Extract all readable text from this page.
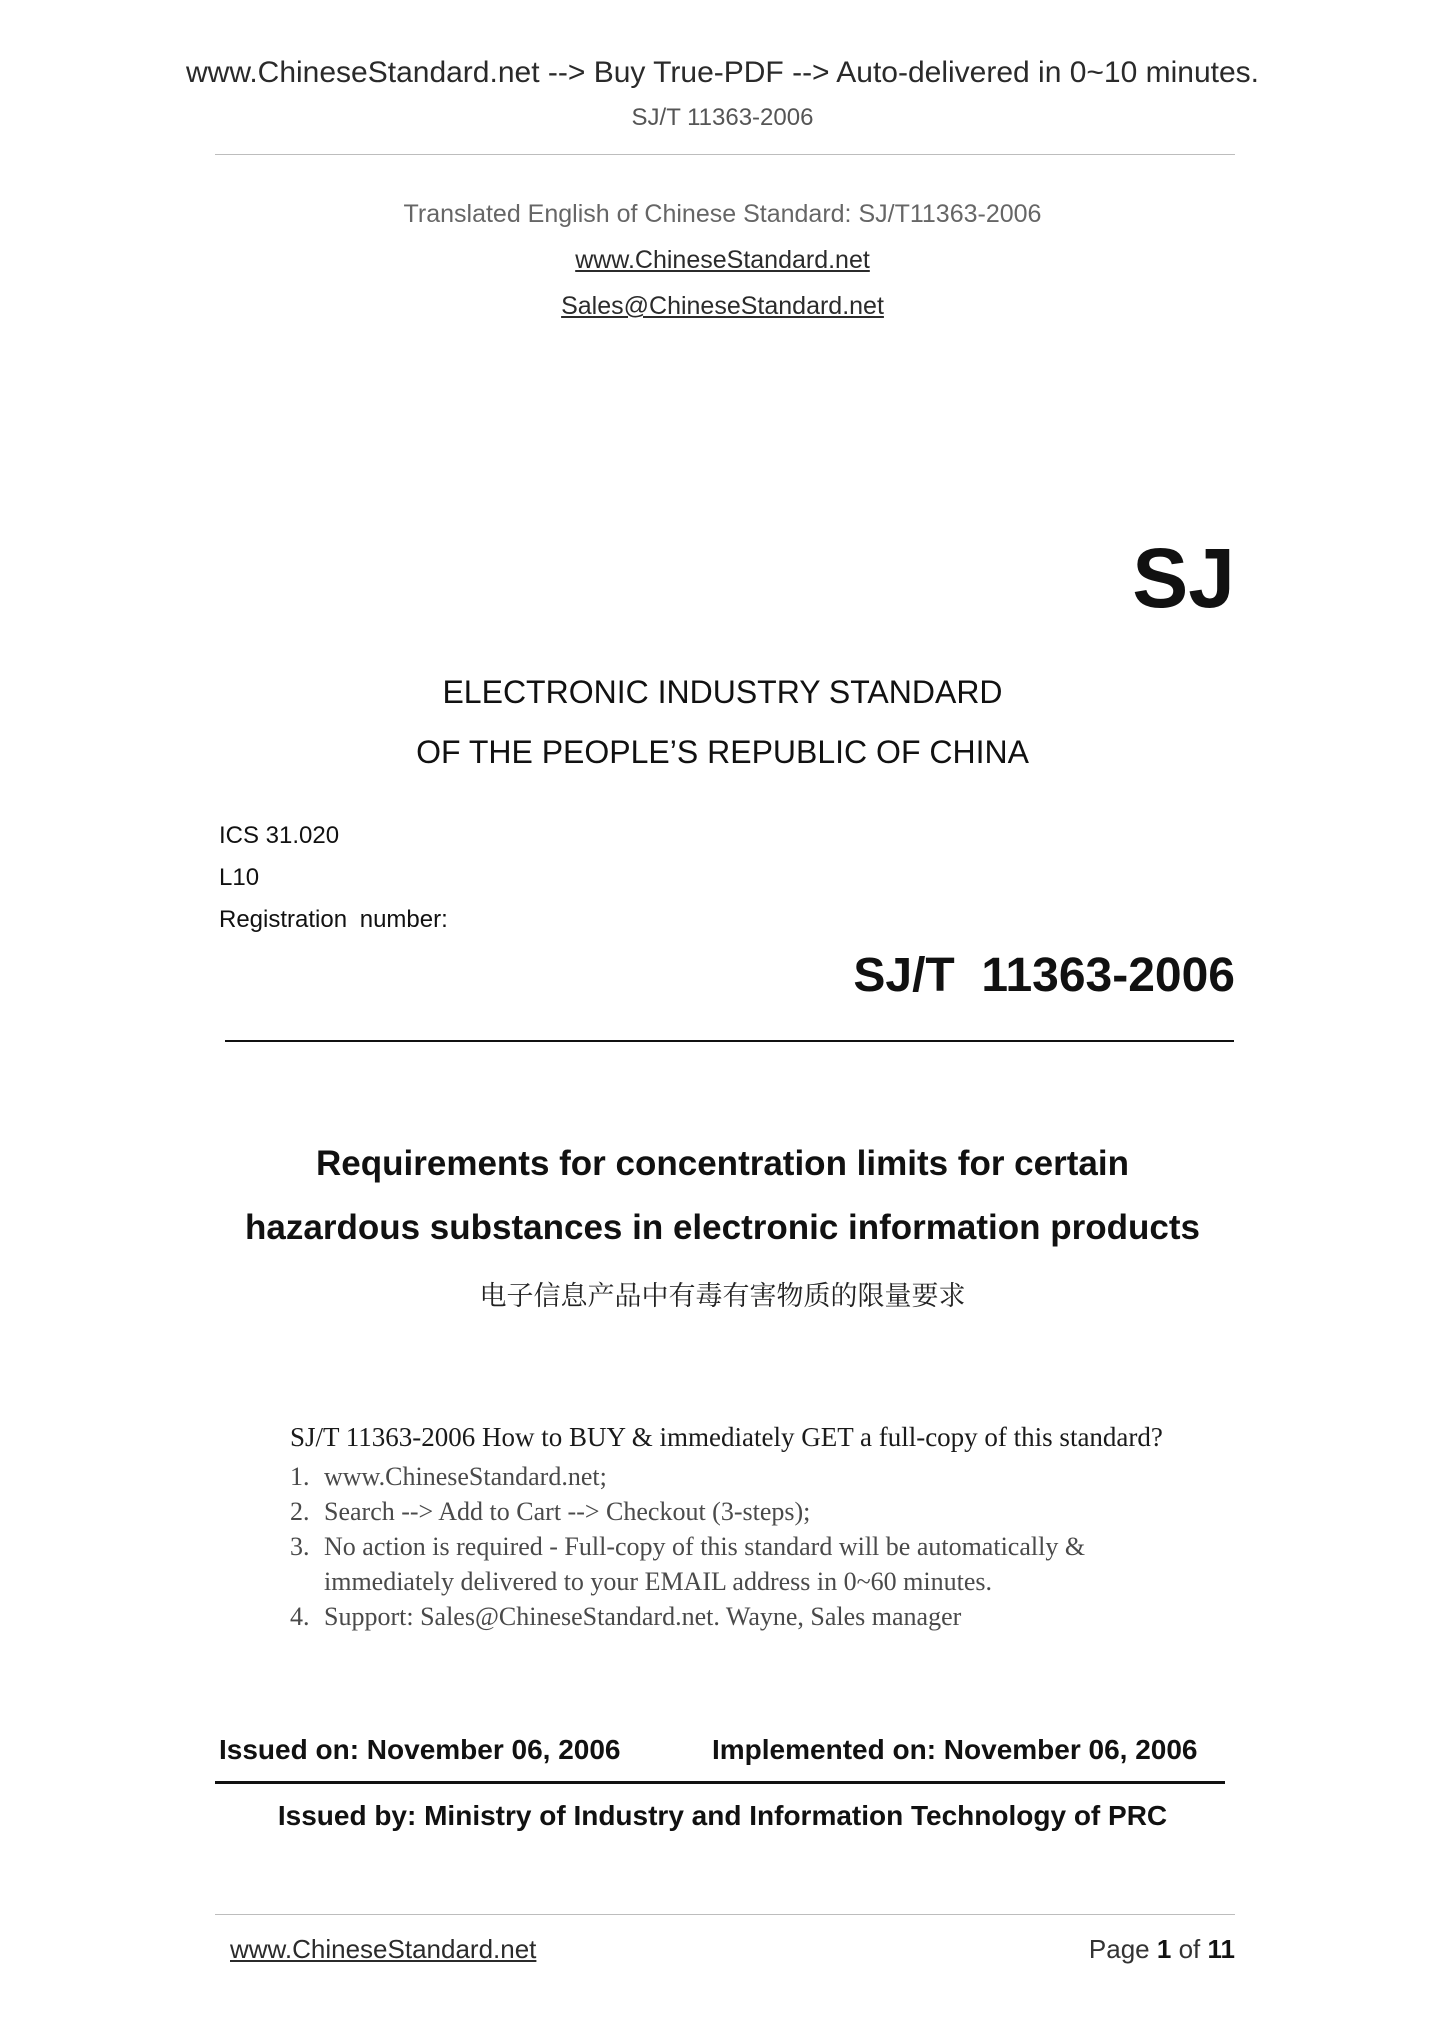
www.ChineseStandard.net --> Buy True-PDF --> Auto-delivered in 0~10 minutes.
SJ/T 11363-2006
Translated English of Chinese Standard: SJ/T11363-2006
www.ChineseStandard.net
Sales@ChineseStandard.net
SJ
ELECTRONIC INDUSTRY STANDARD
OF THE PEOPLE’S REPUBLIC OF CHINA
ICS 31.020
L10
Registration number:
SJ/T  11363-2006
Requirements for concentration limits for certain
hazardous substances in electronic information products
电子信息产品中有毒有害物质的限量要求
SJ/T 11363-2006 How to BUY & immediately GET a full-copy of this standard?
1. www.ChineseStandard.net;
2. Search --> Add to Cart --> Checkout (3-steps);
3. No action is required - Full-copy of this standard will be automatically & immediately delivered to your EMAIL address in 0~60 minutes.
4. Support: Sales@ChineseStandard.net. Wayne, Sales manager
Issued on: November 06, 2006	Implemented on: November 06, 2006
Issued by: Ministry of Industry and Information Technology of PRC
www.ChineseStandard.net	Page 1 of 11
